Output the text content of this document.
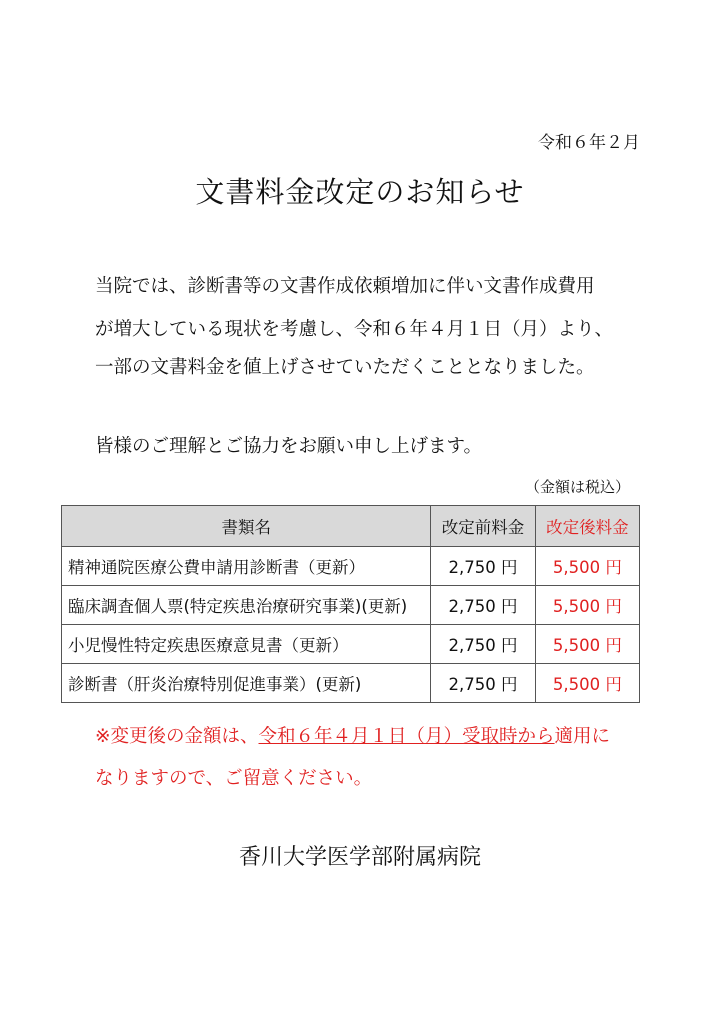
令和６年２月
文書料金改定のお知らせ
当院では、診断書等の文書作成依頼増加に伴い文書作成費用
が増大している現状を考慮し、令和６年４月１日（月）より、
一部の文書料金を値上げさせていただくこととなりました。
皆様のご理解とご協力をお願い申し上げます。
（金額は税込）
書類名	改定前料金	改定後料金
精神通院医療公費申請用診断書（更新）	2,750 円	5,500 円
臨床調査個人票(特定疾患治療研究事業)(更新)	2,750 円	5,500 円
小児慢性特定疾患医療意見書（更新）	2,750 円	5,500 円
診断書（肝炎治療特別促進事業）(更新)	2,750 円	5,500 円
※変更後の金額は、令和６年４月１日（月）受取時から適用に
なりますので、ご留意ください。
香川大学医学部附属病院
